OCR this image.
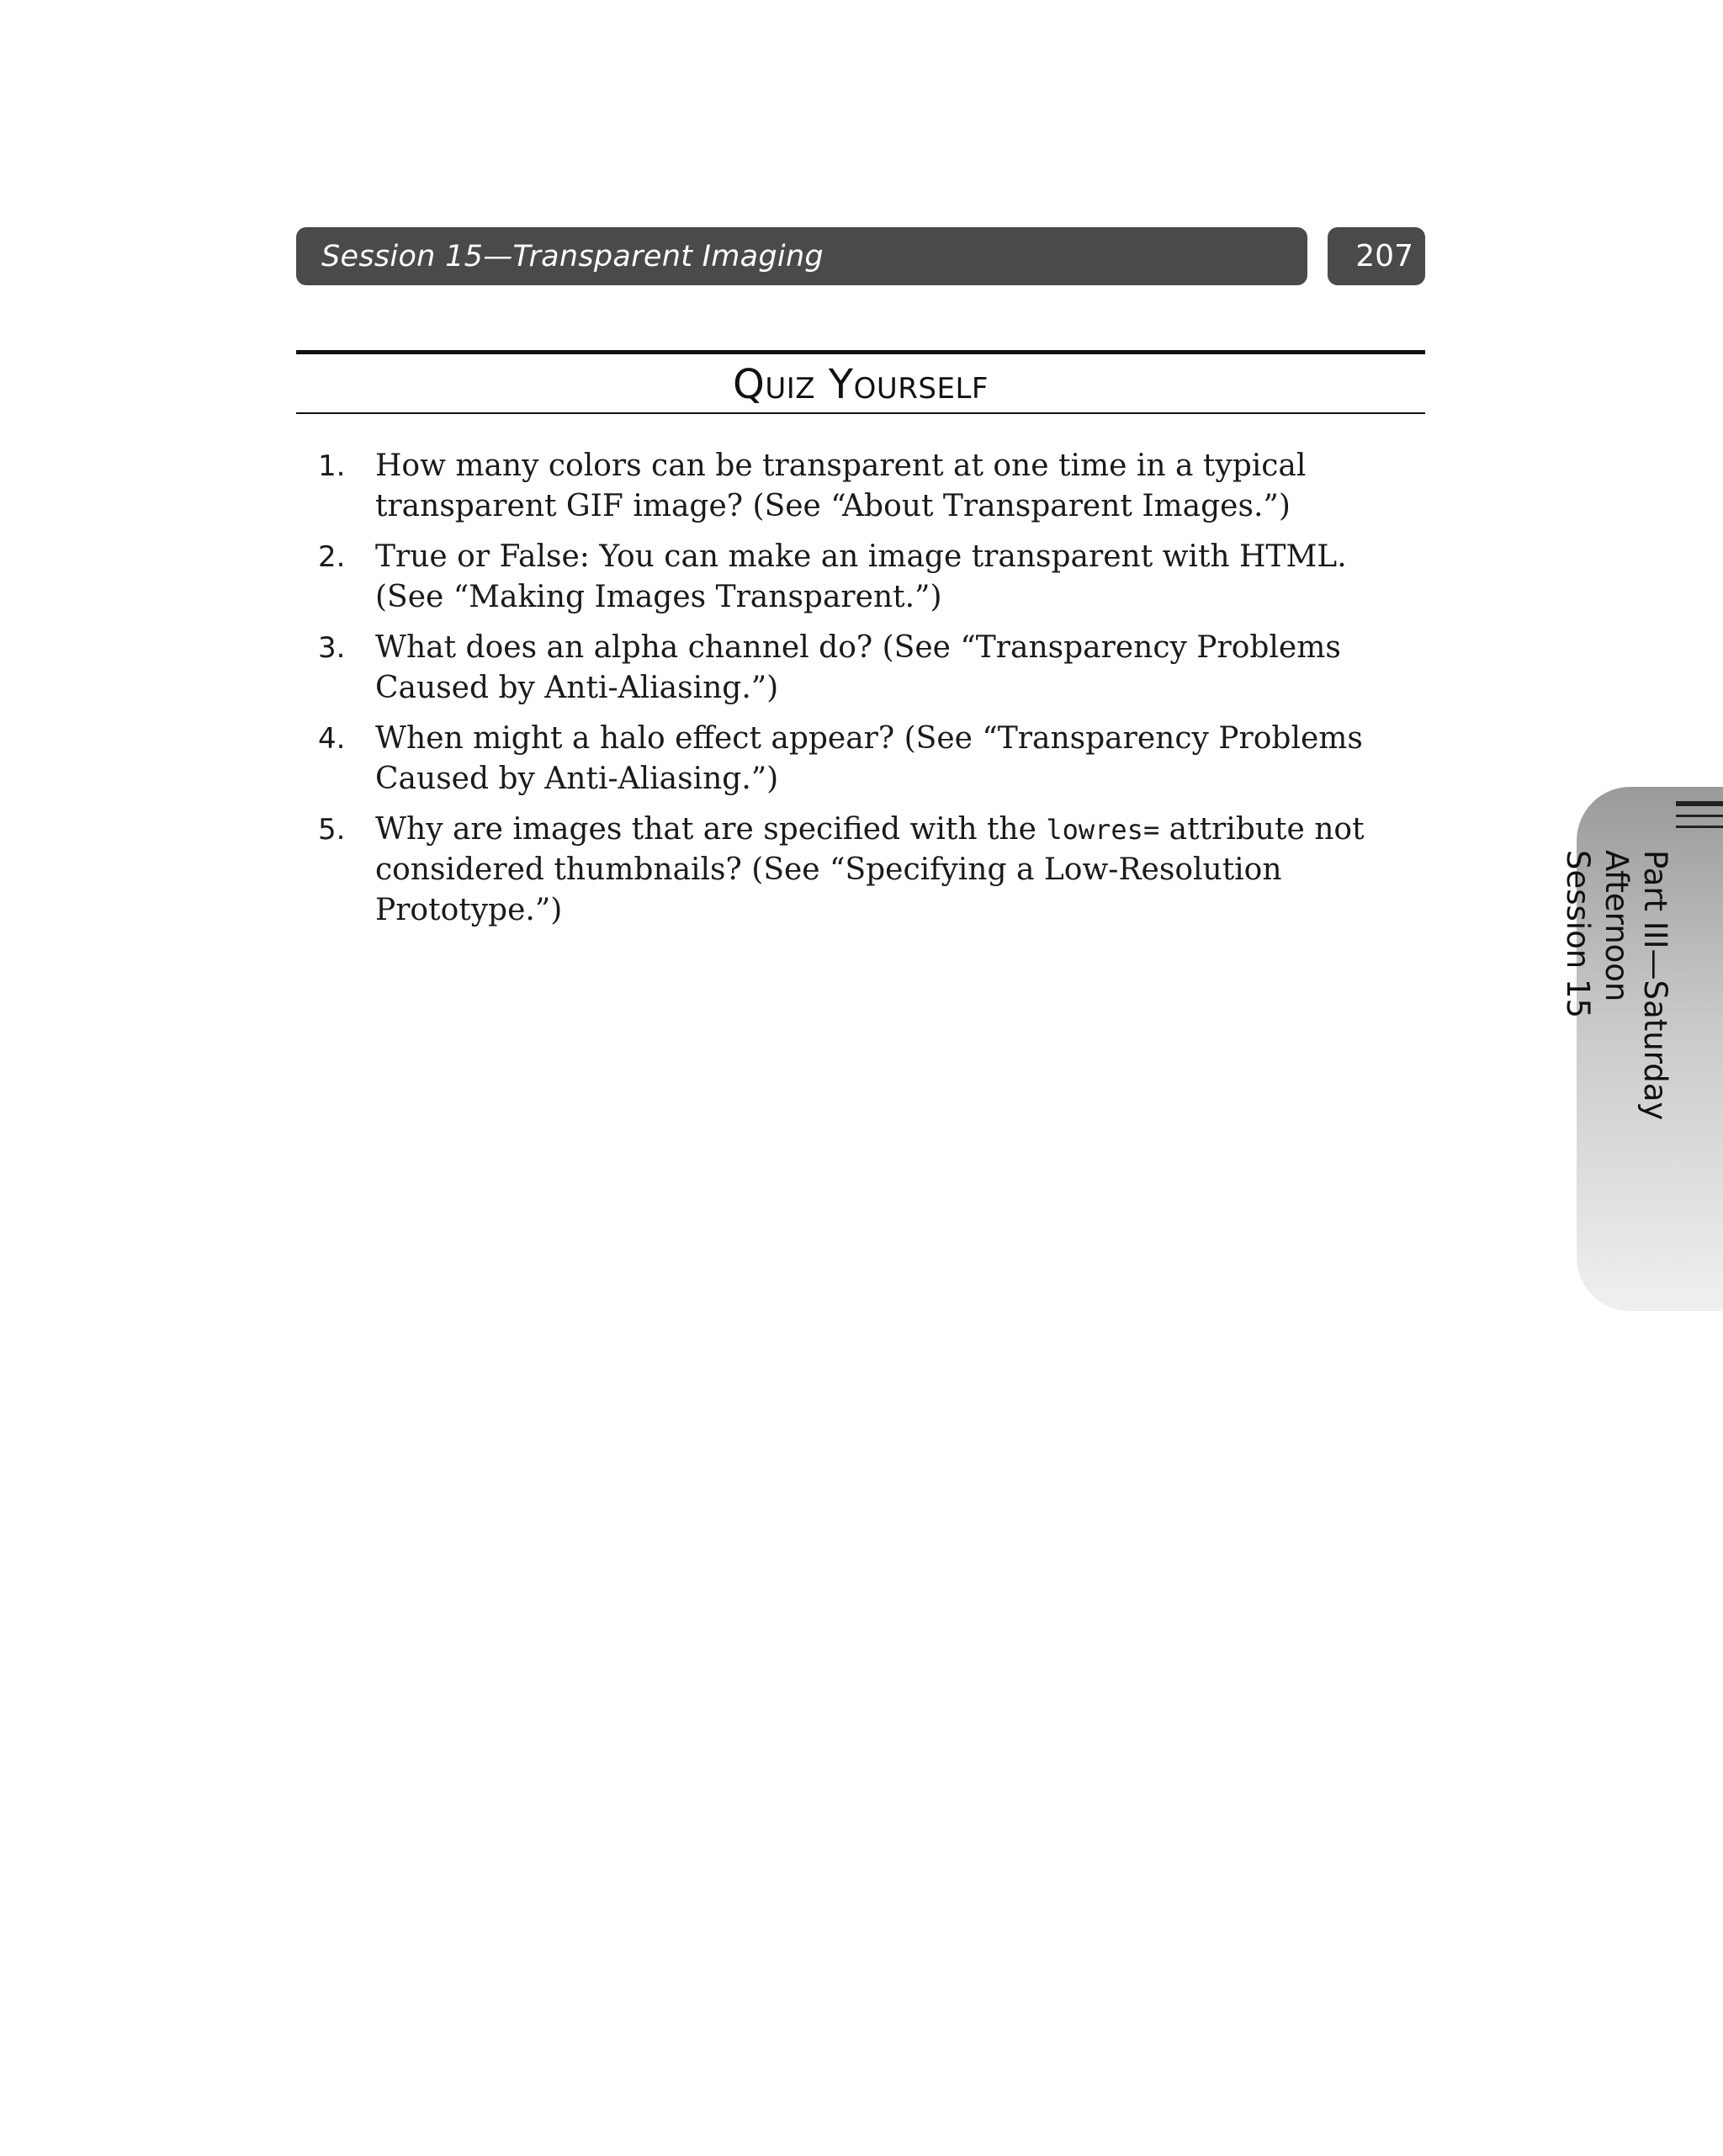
Session 15—Transparent Imaging	207
Quiz Yourself
1. How many colors can be transparent at one time in a typical transparent GIF image? (See “About Transparent Images.”)
2. True or False: You can make an image transparent with HTML. (See “Making Images Transparent.”)
3. What does an alpha channel do? (See “Transparency Problems Caused by Anti-Aliasing.”)
4. When might a halo effect appear? (See “Transparency Problems Caused by Anti-Aliasing.”)
5. Why are images that are specified with the lowres= attribute not considered thumbnails? (See “Specifying a Low-Resolution Prototype.”)	Part III—Saturday Afternoon
Session 15
